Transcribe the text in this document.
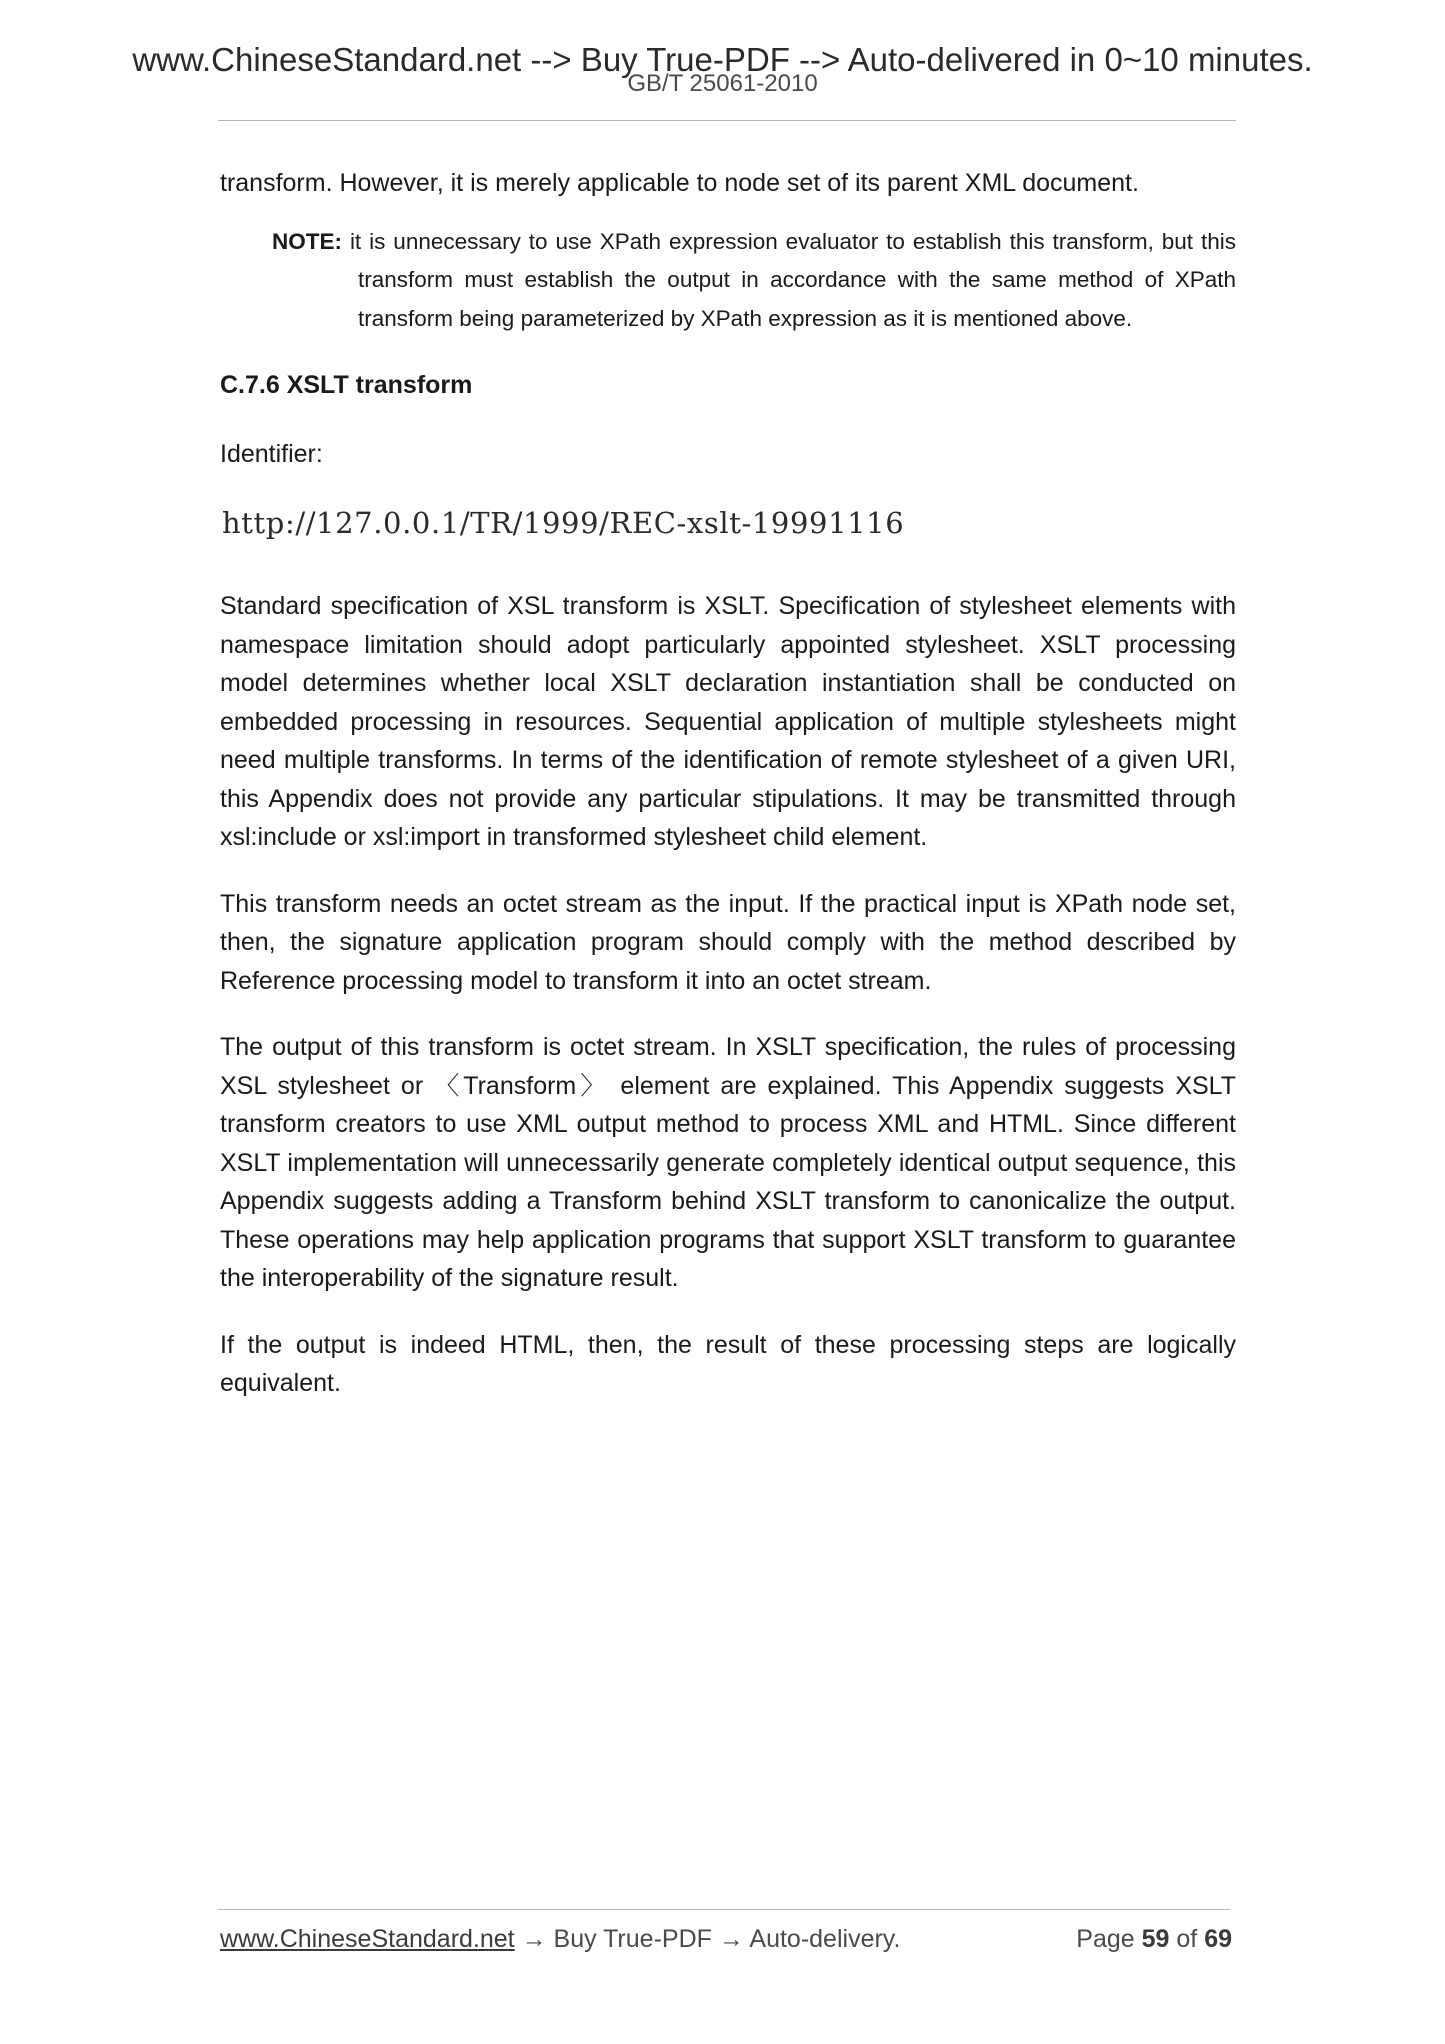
www.ChineseStandard.net --> Buy True-PDF --> Auto-delivered in 0~10 minutes.
GB/T 25061-2010

transform. However, it is merely applicable to node set of its parent XML document.

NOTE: it is unnecessary to use XPath expression evaluator to establish this transform, but this transform must establish the output in accordance with the same method of XPath transform being parameterized by XPath expression as it is mentioned above.

C.7.6 XSLT transform

Identifier:

http://127.0.0.1/TR/1999/REC-xslt-19991116

Standard specification of XSL transform is XSLT. Specification of stylesheet elements with namespace limitation should adopt particularly appointed stylesheet. XSLT processing model determines whether local XSLT declaration instantiation shall be conducted on embedded processing in resources. Sequential application of multiple stylesheets might need multiple transforms. In terms of the identification of remote stylesheet of a given URI, this Appendix does not provide any particular stipulations. It may be transmitted through xsl:include or xsl:import in transformed stylesheet child element.

This transform needs an octet stream as the input. If the practical input is XPath node set, then, the signature application program should comply with the method described by Reference processing model to transform it into an octet stream.

The output of this transform is octet stream. In XSLT specification, the rules of processing XSL stylesheet or 〈Transform〉 element are explained. This Appendix suggests XSLT transform creators to use XML output method to process XML and HTML. Since different XSLT implementation will unnecessarily generate completely identical output sequence, this Appendix suggests adding a Transform behind XSLT transform to canonicalize the output. These operations may help application programs that support XSLT transform to guarantee the interoperability of the signature result.

If the output is indeed HTML, then, the result of these processing steps are logically equivalent.

www.ChineseStandard.net → Buy True-PDF → Auto-delivery.	Page 59 of 69
